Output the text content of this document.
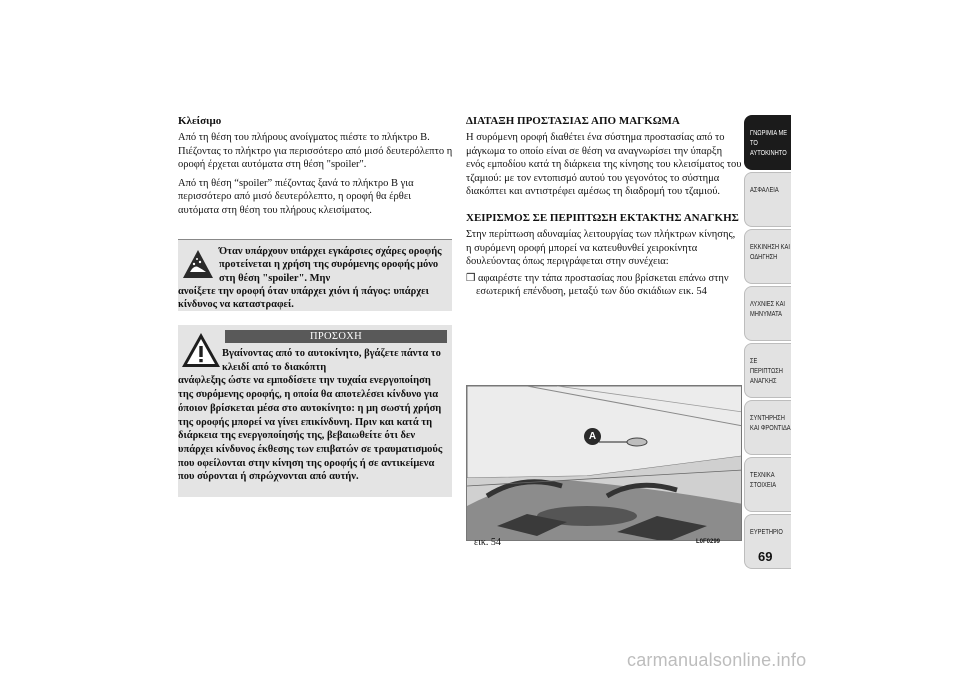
Κλείσιμο
Από τη θέση του πλήρους ανοίγματος πιέστε το πλήκτρο B. Πιέζοντας το πλήκτρο για περισσότερο από μισό δευτερόλεπτο η οροφή έρχεται αυτόματα στη θέση "spoiler".
Από τη θέση “spoiler” πιέζοντας ξανά το πλήκτρο B για περισσότερο από μισό δευτερόλεπτο, η οροφή θα έρθει αυτόματα στη θέση του πλήρους κλεισίματος.
Όταν υπάρχουν υπάρχει εγκάρσιες σχάρες οροφής προτείνεται η χρήση της συρόμενης οροφής μόνο στη θέση "spoiler". Μην
ανοίξετε την οροφή όταν υπάρχει χιόνι ή πάγος: υπάρχει κίνδυνος να καταστραφεί.
ΠΡΟΣΟΧΗ
Βγαίνοντας από το αυτοκίνητο, βγάζετε πάντα το κλειδί από το διακόπτη
ανάφλεξης ώστε να εμποδίσετε την τυχαία ενεργοποίηση της συρόμενης οροφής, η οποία θα αποτελέσει κίνδυνο για όποιον βρίσκεται μέσα στο αυτοκίνητο: η μη σωστή χρήση της οροφής μπορεί να γίνει επικίνδυνη. Πριν και κατά τη διάρκεια της ενεργοποίησής της, βεβαιωθείτε ότι δεν υπάρχει κίνδυνος έκθεσης των επιβατών σε τραυματισμούς που οφείλονται στην κίνηση της οροφής ή σε αντικείμενα που σύρονται ή σπρώχνονται από αυτήν.
ΔΙΑΤΑΞΗ ΠΡΟΣΤΑΣΙΑΣ ΑΠΟ ΜΑΓΚΩΜΑ
Η συρόμενη οροφή διαθέτει ένα σύστημα προστασίας από το μάγκωμα το οποίο είναι σε θέση να αναγνωρίσει την ύπαρξη ενός εμποδίου κατά τη διάρκεια της κίνησης του κλεισίματος του τζαμιού: με τον εντοπισμό αυτού του γεγονότος το σύστημα διακόπτει και αντιστρέφει αμέσως τη διαδρομή του τζαμιού.
ΧΕΙΡΙΣΜΟΣ ΣΕ ΠΕΡΙΠΤΩΣΗ ΕΚΤΑΚΤΗΣ ΑΝΑΓΚΗΣ
Στην περίπτωση αδυναμίας λειτουργίας των πλήκτρων κίνησης, η συρόμενη οροφή μπορεί να κατευθυνθεί χειροκίνητα δουλεύοντας όπως περιγράφεται στην συνέχεια:
❒ αφαιρέστε την τάπα προστασίας που βρίσκεται επάνω στην εσωτερική επένδυση, μεταξύ των δύο σκιάδιων εικ. 54
A
εικ. 54	L0F0299
ΓΝΩΡΙΜΙΑ ΜΕ ΤΟ ΑΥΤΟΚΙΝΗΤΟ
ΑΣΦΑΛΕΙΑ
ΕΚΚΙΝΗΣΗ ΚΑΙ ΟΔΗΓΗΣΗ
ΛΥΧΝΙΕΣ ΚΑΙ ΜΗΝΥΜΑΤΑ
ΣΕ ΠΕΡΙΠΤΩΣΗ ΑΝΑΓΚΗΣ
ΣΥΝΤΗΡΗΣΗ ΚΑΙ ΦΡΟΝΤΙΔΑ
ΤΕΧΝΙΚΑ ΣΤΟΙΧΕΙΑ
ΕΥΡΕΤΗΡΙΟ
69
carmanualsonline.info
